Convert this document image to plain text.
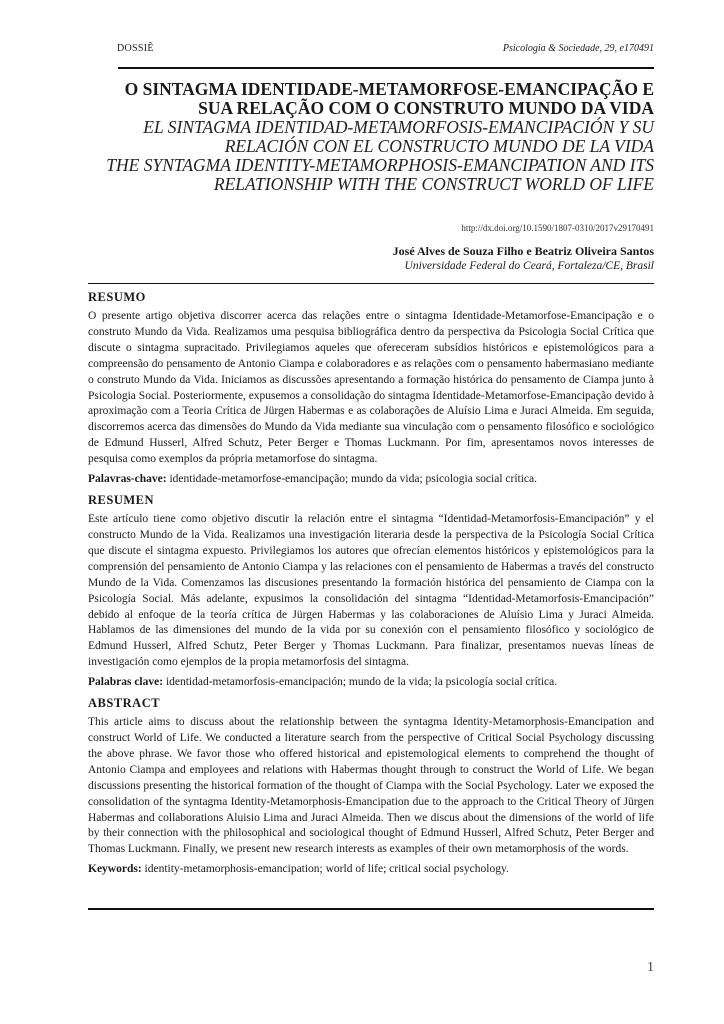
DOSSIÊ	Psicologia & Sociedade, 29, e170491

O SINTAGMA IDENTIDADE-METAMORFOSE-EMANCIPAÇÃO E

SUA RELAÇÃO COM O CONSTRUTO MUNDO DA VIDA

EL SINTAGMA IDENTIDAD-METAMORFOSIS-EMANCIPACIÓN Y SU

RELACIÓN CON EL CONSTRUCTO MUNDO DE LA VIDA

THE SYNTAGMA IDENTITY-METAMORPHOSIS-EMANCIPATION AND ITS

RELATIONSHIP WITH THE CONSTRUCT WORLD OF LIFE

http://dx.doi.org/10.1590/1807-0310/2017v29170491
José Alves de Souza Filho e Beatriz Oliveira Santos
Universidade Federal do Ceará, Fortaleza/CE, Brasil
RESUMO

O presente artigo objetiva discorrer acerca das relações entre o sintagma Identidade-Metamorfose-Emancipação e o construto Mundo da Vida. Realizamos uma pesquisa bibliográfica dentro da perspectiva da Psicologia Social Crítica que discute o sintagma supracitado. Privilegiamos aqueles que ofereceram subsídios históricos e epistemológicos para a compreensão do pensamento de Antonio Ciampa e colaboradores e as relações com o pensamento habermasiano mediante o construto Mundo da Vida. Iniciamos as discussões apresentando a formação histórica do pensamento de Ciampa junto à Psicologia Social. Posteriormente, expusemos a consolidação do sintagma Identidade-Metamorfose-Emancipação devido à aproximação com a Teoria Crítica de Jürgen Habermas e as colaborações de Aluísio Lima e Juraci Almeida. Em seguida, discorremos acerca das dimensões do Mundo da Vida mediante sua vinculação com o pensamento filosófico e sociológico de Edmund Husserl, Alfred Schutz, Peter Berger e Thomas Luckmann. Por fim, apresentamos novos interesses de pesquisa como exemplos da própria metamorfose do sintagma.

Palavras-chave: identidade-metamorfose-emancipação; mundo da vida; psicologia social crítica.

RESUMEN

Este artículo tiene como objetivo discutir la relación entre el sintagma “Identidad-Metamorfosis-Emancipación” y el constructo Mundo de la Vida. Realizamos una investigación literaria desde la perspectiva de la Psicología Social Crítica que discute el sintagma expuesto. Privilegiamos los autores que ofrecían elementos históricos y epistemológicos para la comprensión del pensamiento de Antonio Ciampa y las relaciones con el pensamiento de Habermas a través del constructo Mundo de la Vida. Comenzamos las discusiones presentando la formación histórica del pensamiento de Ciampa con la Psicología Social. Más adelante, expusimos la consolidación del sintagma “Identidad-Metamorfosis-Emancipación” debido al enfoque de la teoría crítica de Jürgen Habermas y las colaboraciones de Aluísio Lima y Juraci Almeida. Hablamos de las dimensiones del mundo de la vida por su conexión con el pensamiento filosófico y sociológico de Edmund Husserl, Alfred Schutz, Peter Berger y Thomas Luckmann. Para finalizar, presentamos nuevas líneas de investigación como ejemplos de la propia metamorfosis del sintagma.

Palabras clave: identidad-metamorfosis-emancipación; mundo de la vida; la psicología social crítica.

ABSTRACT

This article aims to discuss about the relationship between the syntagma Identity-Metamorphosis-Emancipation and construct World of Life. We conducted a literature search from the perspective of Critical Social Psychology discussing the above phrase. We favor those who offered historical and epistemological elements to comprehend the thought of Antonio Ciampa and employees and relations with Habermas thought through to construct the World of Life. We began discussions presenting the historical formation of the thought of Ciampa with the Social Psychology. Later we exposed the consolidation of the syntagma Identity-Metamorphosis-Emancipation due to the approach to the Critical Theory of Jürgen Habermas and collaborations Aluisio Lima and Juraci Almeida. Then we discus about the dimensions of the world of life by their connection with the philosophical and sociological thought of Edmund Husserl, Alfred Schutz, Peter Berger and Thomas Luckmann. Finally, we present new research interests as examples of their own metamorphosis of the words.

Keywords: identity-metamorphosis-emancipation; world of life; critical social psychology.

1
